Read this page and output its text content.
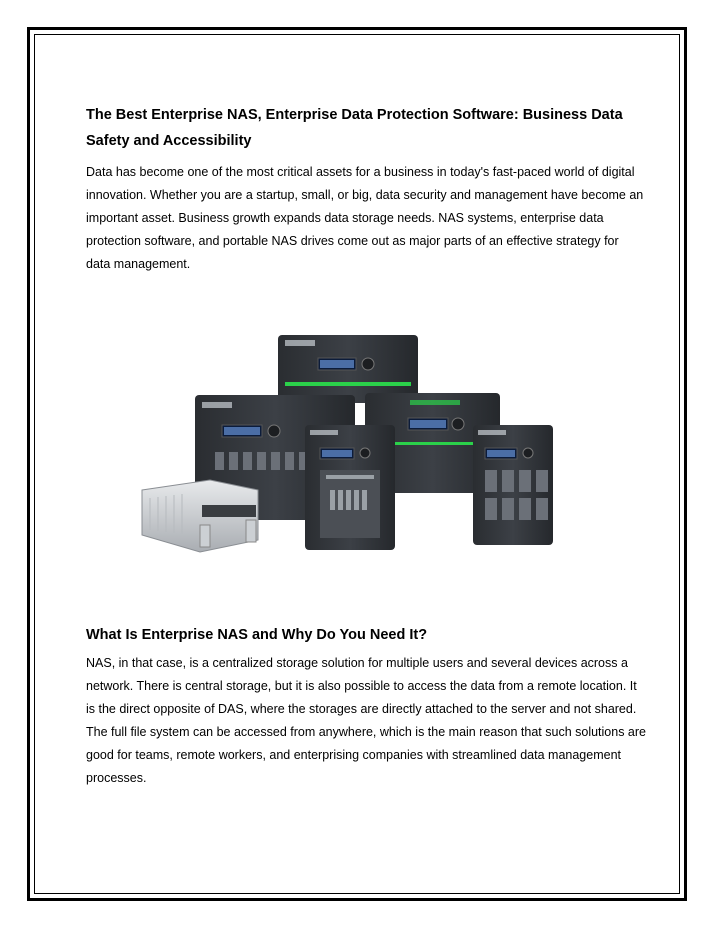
The Best Enterprise NAS, Enterprise Data Protection Software: Business Data Safety and Accessibility

Data has become one of the most critical assets for a business in today's fast-paced world of digital innovation. Whether you are a startup, small, or big, data security and management have become an important asset. Business growth expands data storage needs. NAS systems, enterprise data protection software, and portable NAS drives come out as major parts of an effective strategy for data management.

What Is Enterprise NAS and Why Do You Need It?

NAS, in that case, is a centralized storage solution for multiple users and several devices across a network. There is central storage, but it is also possible to access the data from a remote location. It is the direct opposite of DAS, where the storages are directly attached to the server and not shared. The full file system can be accessed from anywhere, which is the main reason that such solutions are good for teams, remote workers, and enterprising companies with streamlined data management processes.
